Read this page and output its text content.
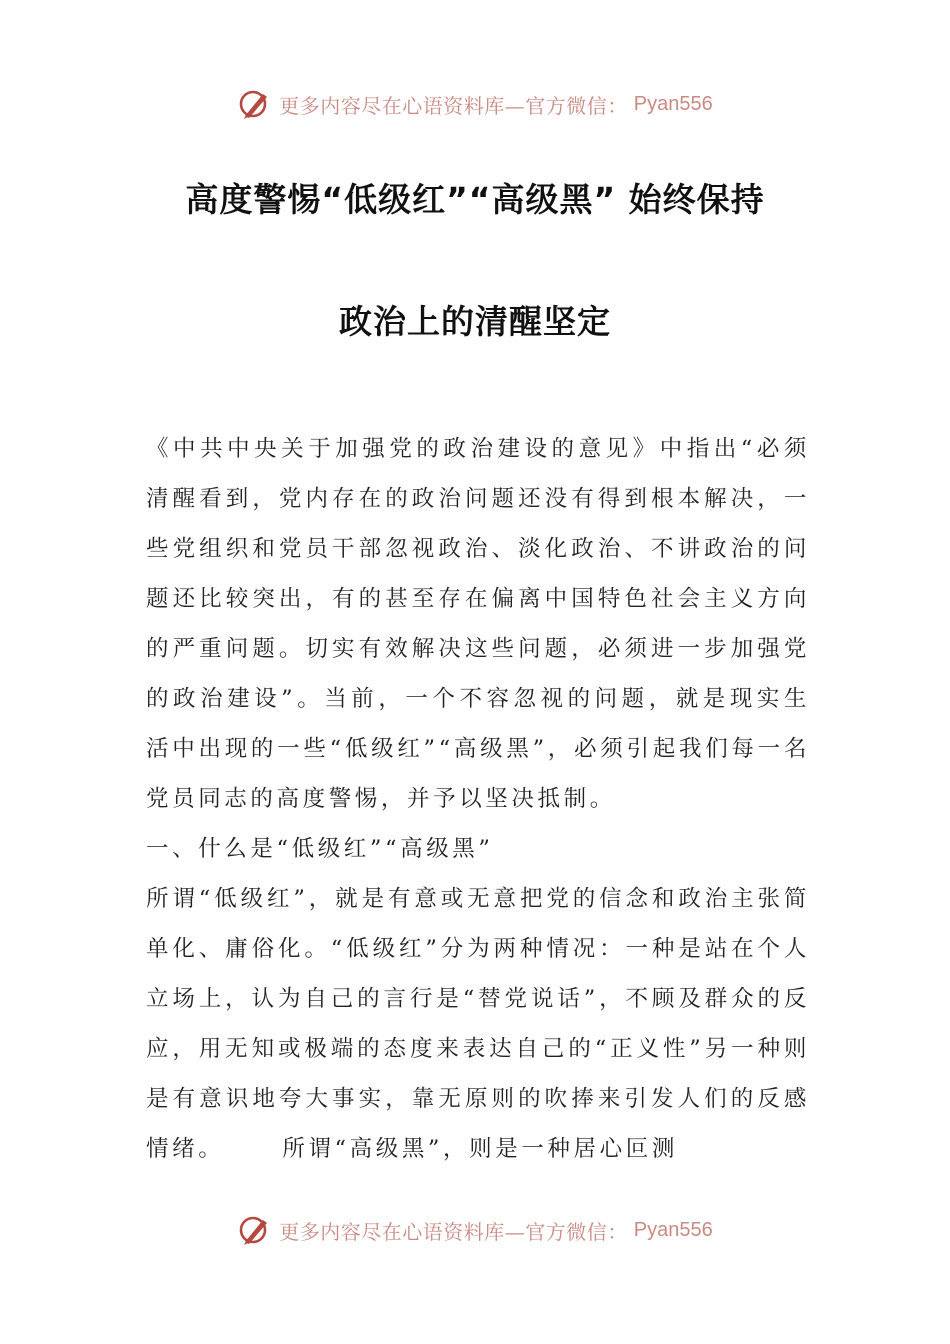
更多内容尽在心语资料库—官方微信： Pyan556
高度警惕“低级红”“高级黑” 始终保持
政治上的清醒坚定

《中共中央关于加强党的政治建设的意见》中指出“必须清醒看到，党内存在的政治问题还没有得到根本解决，一些党组织和党员干部忽视政治、淡化政治、不讲政治的问题还比较突出，有的甚至存在偏离中国特色社会主义方向的严重问题。切实有效解决这些问题，必须进一步加强党的政治建设”。当前，一个不容忽视的问题，就是现实生活中出现的一些“低级红”“高级黑”，必须引起我们每一名党员同志的高度警惕，并予以坚决抵制。

一、什么是“低级红”“高级黑”

所谓“低级红”，就是有意或无意把党的信念和政治主张简单化、庸俗化。“低级红”分为两种情况：一种是站在个人立场上，认为自己的言行是“替党说话”，不顾及群众的反应，用无知或极端的态度来表达自己的“正义性”另一种则是有意识地夸大事实，靠无原则的吹捧来引发人们的反感情绪。	所谓“高级黑”，则是一种居心叵测

更多内容尽在心语资料库—官方微信： Pyan556
